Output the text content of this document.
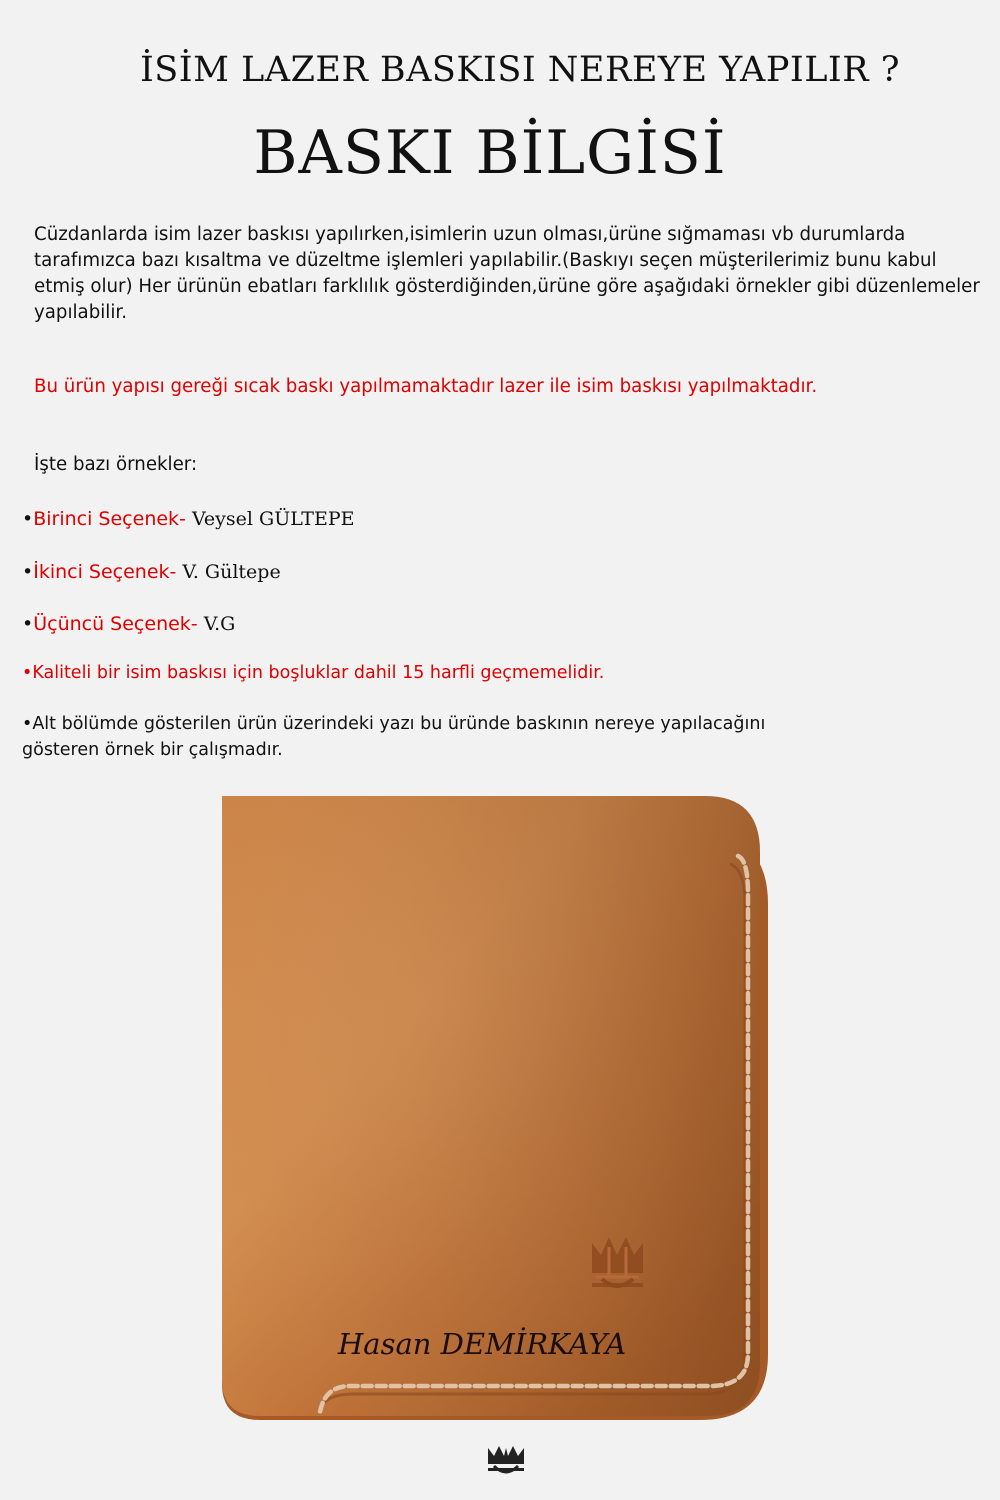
İSİM LAZER BASKISI NEREYE YAPILIR ?
BASKI BİLGİSİ

Cüzdanlarda isim lazer baskısı yapılırken,isimlerin uzun olması,ürüne sığmaması vb durumlarda tarafımızca bazı kısaltma ve düzeltme işlemleri yapılabilir.(Baskıyı seçen müşterilerimiz bunu kabul etmiş olur) Her ürünün ebatları farklılık gösterdiğinden,ürüne göre aşağıdaki örnekler gibi düzenlemeler yapılabilir.

Bu ürün yapısı gereği sıcak baskı yapılmamaktadır lazer ile isim baskısı yapılmaktadır.

İşte bazı örnekler:

•Birinci Seçenek- Veysel GÜLTEPE

•İkinci Seçenek- V. Gültepe

•Üçüncü Seçenek- V.G

•Kaliteli bir isim baskısı için boşluklar dahil 15 harfli geçmemelidir.

•Alt bölümde gösterilen ürün üzerindeki yazı bu üründe baskının nereye yapılacağını gösteren örnek bir çalışmadır.

Hasan DEMİRKAYA
